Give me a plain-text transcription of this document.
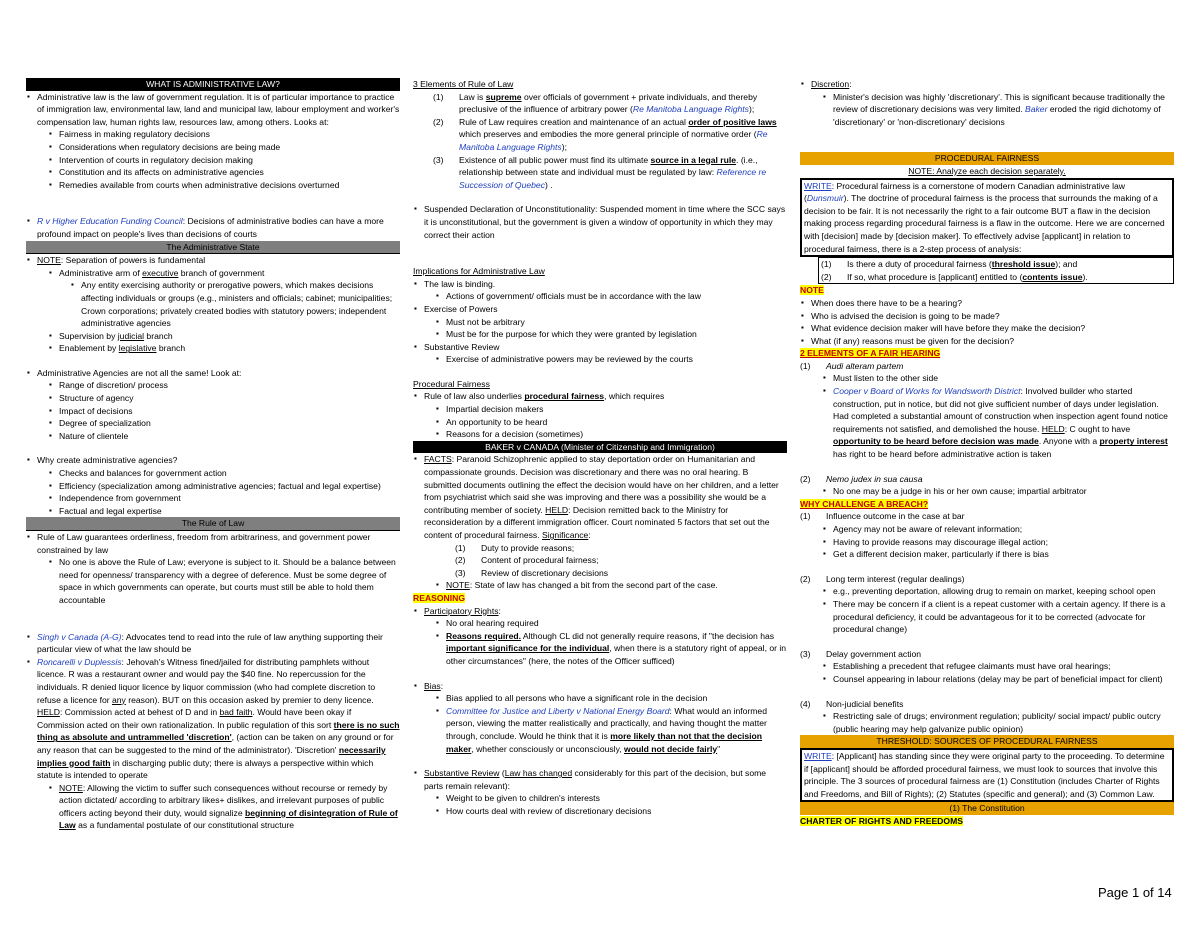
WHAT IS ADMINISTRATIVE LAW?
▪ Administrative law is the law of government regulation. It is of particular importance to practice of immigration law, environmental law, land and municipal law, labour employment and worker's compensation law, human rights law, resources law, among others. Looks at:
▪ Fairness in making regulatory decisions
▪ Considerations when regulatory decisions are being made
▪ Intervention of courts in regulatory decision making
▪ Constitution and its affects on administrative agencies
▪ Remedies available from courts when administrative decisions overturned
▪ R v Higher Education Funding Council: Decisions of administrative bodies can have a more profound impact on people's lives than decisions of courts
The Administrative State
▪ NOTE: Separation of powers is fundamental
▪ Administrative arm of executive branch of government
▪ Any entity exercising authority or prerogative powers, which makes decisions affecting individuals or groups (e.g., ministers and officials; cabinet; municipalities; Crown corporations; privately created bodies with statutory powers; independent administrative agencies
▪ Supervision by judicial branch
▪ Enablement by legislative branch
▪ Administrative Agencies are not all the same! Look at:
▪ Range of discretion/ process
▪ Structure of agency
▪ Impact of decisions
▪ Degree of specialization
▪ Nature of clientele
▪ Why create administrative agencies?
▪ Checks and balances for government action
▪ Efficiency (specialization among administrative agencies; factual and legal expertise)
▪ Independence from government
▪ Factual and legal expertise
The Rule of Law
▪ Rule of Law guarantees orderliness, freedom from arbitrariness, and government power constrained by law
▪ No one is above the Rule of Law; everyone is subject to it. Should be a balance between need for openness/ transparency with a degree of deference. Must be some degree of space in which governments can operate, but courts must still be able to hold them accountable
▪ Singh v Canada (A-G): Advocates tend to read into the rule of law anything supporting their particular view of what the law should be
▪ Roncarelli v Duplessis: Jehovah's Witness fined/jailed for distributing pamphlets without licence. R was a restaurant owner and would pay the $40 fine. No repercussion for the individuals. R denied liquor licence by liquor commission (who had complete discretion to refuse a licence for any reason). BUT on this occasion asked by premier to deny licence. HELD: Commission acted at behest of D and in bad faith. Would have been okay if Commission acted on their own rationalization. In public regulation of this sort there is no such thing as absolute and untrammelled 'discretion', (action can be taken on any ground or for any reason that can be suggested to the mind of the administrator). 'Discretion' necessarily implies good faith in discharging public duty; there is always a perspective within which statute is intended to operate
▪ NOTE: Allowing the victim to suffer such consequences without recourse or remedy by action dictated/ according to arbitrary likes+ dislikes, and irrelevant purposes of public officers acting beyond their duty, would signalize beginning of disintegration of Rule of Law as a fundamental postulate of our constitutional structure
3 Elements of Rule of Law
(1)	Law is supreme over officials of government + private individuals, and thereby preclusive of the influence of arbitrary power (Re Manitoba Language Rights);
(2)	Rule of Law requires creation and maintenance of an actual order of positive laws which preserves and embodies the more general principle of normative order (Re Manitoba Language Rights);
(3)	Existence of all public power must find its ultimate source in a legal rule. (i.e., relationship between state and individual must be regulated by law: Reference re Succession of Quebec) .
▪ Suspended Declaration of Unconstitutionality: Suspended moment in time where the SCC says it is unconstitutional, but the government is given a window of opportunity in which they may correct their action
Implications for Administrative Law
▪ The law is binding.
▪ Actions of government/ officials must be in accordance with the law
▪ Exercise of Powers
▪ Must not be arbitrary
▪ Must be for the purpose for which they were granted by legislation
▪ Substantive Review
▪ Exercise of administrative powers may be reviewed by the courts
Procedural Fairness
▪ Rule of law also underlies procedural fairness, which requires
▪ Impartial decision makers
▪ An opportunity to be heard
▪ Reasons for a decision (sometimes)
BAKER v CANADA (Minister of Citizenship and Immigration)
▪ FACTS: Paranoid Schizophrenic applied to stay deportation order on Humanitarian and compassionate grounds. Decision was discretionary and there was no oral hearing. B submitted documents outlining the effect the decision would have on her children, and a letter from psychiatrist which said she was improving and there was a possibility she would be a contributing member of society. HELD: Decision remitted back to the Ministry for reconsideration by a different immigration officer. Court nominated 5 factors that set out the content of procedural fairness. Significance:
(1)	Duty to provide reasons;
(2)	Content of procedural fairness;
(3)	Review of discretionary decisions
▪ NOTE: State of law has changed a bit from the second part of the case.
REASONING
▪ Participatory Rights:
▪ No oral hearing required
▪ Reasons required. Although CL did not generally require reasons, if "the decision has important significance for the individual, when there is a statutory right of appeal, or in other circumstances" (here, the notes of the Officer sufficed)
▪ Bias:
▪ Bias applied to all persons who have a significant role in the decision
▪ Committee for Justice and Liberty v National Energy Board: What would an informed person, viewing the matter realistically and practically, and having thought the matter through, conclude. Would he think that it is more likely than not that the decision maker, whether consciously or unconsciously, would not decide fairly"
▪ Substantive Review (Law has changed considerably for this part of the decision, but some parts remain relevant):
▪ Weight to be given to children's interests
▪ How courts deal with review of discretionary decisions
▪ Discretion:
▪ Minister's decision was highly 'discretionary'. This is significant because traditionally the review of discretionary decisions was very limited. Baker eroded the rigid dichotomy of 'discretionary' or 'non-discretionary' decisions
PROCEDURAL FAIRNESS
NOTE: Analyze each decision separately.
WRITE: Procedural fairness is a cornerstone of modern Canadian administrative law (Dunsmuir). The doctrine of procedural fairness is the process that surrounds the making of a decision to be fair. It is not necessarily the right to a fair outcome BUT a flaw in the decision making process regarding procedural fairness is a flaw in the outcome. Here we are concerned with [decision] made by [decision maker]. To effectively advise [applicant] in relation to procedural fairness, there is a 2-step process of analysis:
(1)	Is there a duty of procedural fairness (threshold issue); and
(2)	If so, what procedure is [applicant] entitled to (contents issue).
NOTE
▪ When does there have to be a hearing?
▪ Who is advised the decision is going to be made?
▪ What evidence decision maker will have before they make the decision?
▪ What (if any) reasons must be given for the decision?
2 ELEMENTS OF A FAIR HEARING
(1)	Audi alteram partem
▪ Must listen to the other side
▪ Cooper v Board of Works for Wandsworth District: Involved builder who started construction, put in notice, but did not give sufficient number of days under legislation. Had completed a substantial amount of construction when inspection agent found notice requirements not satisfied, and demolished the house. HELD: C ought to have opportunity to be heard before decision was made. Anyone with a property interest has right to be heard before administrative action is taken
(2)	Nemo judex in sua causa
▪ No one may be a judge in his or her own cause; impartial arbitrator
WHY CHALLENGE A BREACH?
(1)	Influence outcome in the case at bar
▪ Agency may not be aware of relevant information;
▪ Having to provide reasons may discourage illegal action;
▪ Get a different decision maker, particularly if there is bias
(2)	Long term interest (regular dealings)
▪ e.g., preventing deportation, allowing drug to remain on market, keeping school open
▪ There may be concern if a client is a repeat customer with a certain agency. If there is a procedural deficiency, it could be advantageous for it to be corrected (advocate for procedural change)
(3)	Delay government action
▪ Establishing a precedent that refugee claimants must have oral hearings;
▪ Counsel appearing in labour relations (delay may be part of beneficial impact for client)
(4)	Non-judicial benefits
▪ Restricting sale of drugs; environment regulation; publicity/ social impact/ public outcry (public hearing may help galvanize public opinion)
THRESHOLD: SOURCES OF PROCEDURAL FAIRNESS
WRITE: [Applicant] has standing since they were original party to the proceeding. To determine if [applicant] should be afforded procedural fairness, we must look to sources that involve this principle. The 3 sources of procedural fairness are (1) Constitution (includes Charter of Rights and Freedoms, and Bill of Rights); (2) Statutes (specific and general); and (3) Common Law.
(1) The Constitution
CHARTER OF RIGHTS AND FREEDOMS
Page 1 of 14
